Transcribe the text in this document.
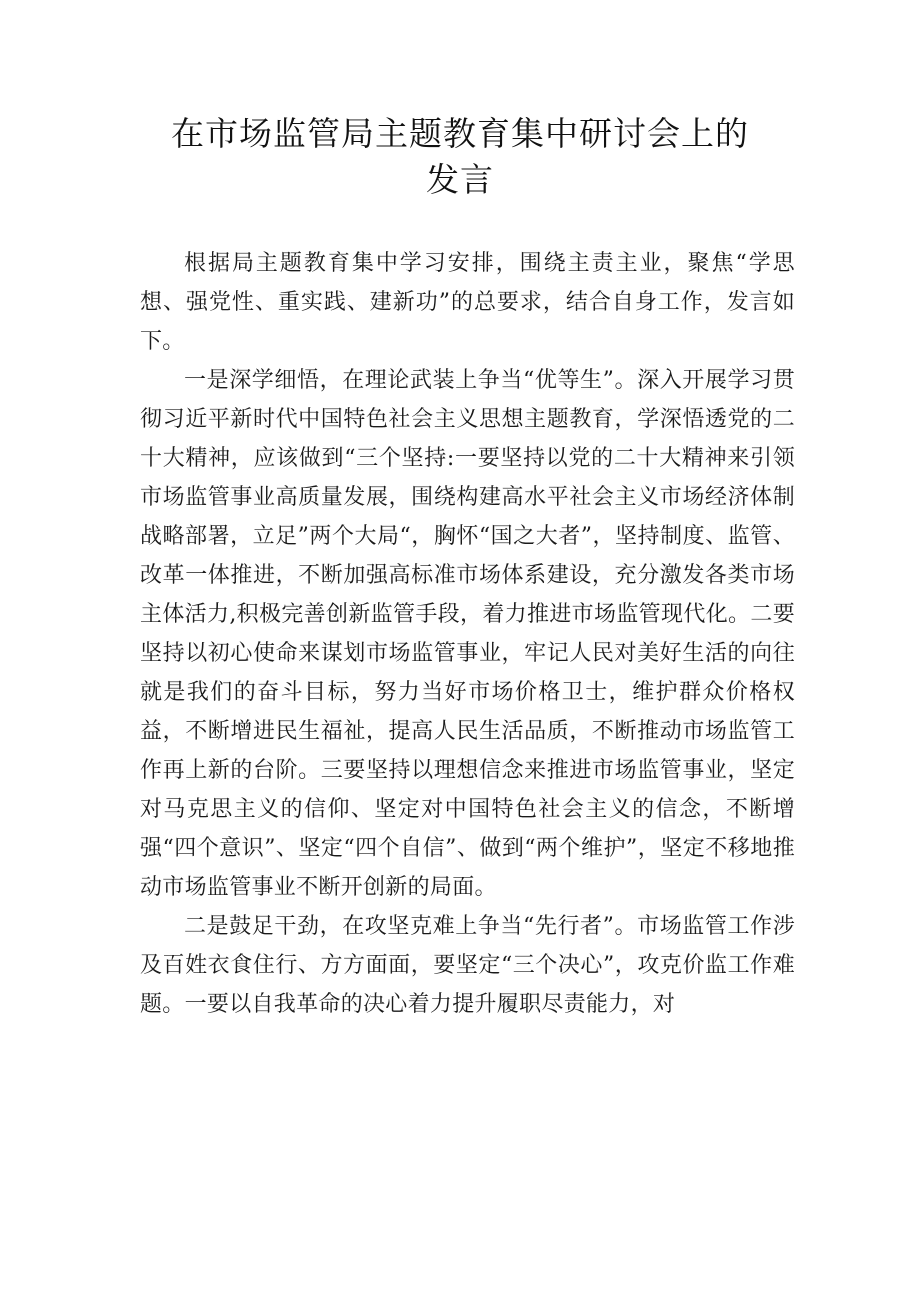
在市场监管局主题教育集中研讨会上的
发言

根据局主题教育集中学习安排，围绕主责主业，聚焦“学思想、强党性、重实践、建新功”的总要求，结合自身工作，发言如下。

一是深学细悟，在理论武装上争当“优等生”。深入开展学习贯彻习近平新时代中国特色社会主义思想主题教育，学深悟透党的二十大精神，应该做到“三个坚持:一要坚持以党的二十大精神来引领市场监管事业高质量发展，围绕构建高水平社会主义市场经济体制战略部署，立足”两个大局“，胸怀“国之大者”，坚持制度、监管、改革一体推进，不断加强高标准市场体系建设，充分激发各类市场主体活力,积极完善创新监管手段，着力推进市场监管现代化。二要坚持以初心使命来谋划市场监管事业，牢记人民对美好生活的向往就是我们的奋斗目标，努力当好市场价格卫士，维护群众价格权益，不断增进民生福祉，提高人民生活品质，不断推动市场监管工作再上新的台阶。三要坚持以理想信念来推进市场监管事业，坚定对马克思主义的信仰、坚定对中国特色社会主义的信念，不断增强“四个意识”、坚定“四个自信”、做到“两个维护”，坚定不移地推动市场监管事业不断开创新的局面。

二是鼓足干劲，在攻坚克难上争当“先行者”。市场监管工作涉及百姓衣食住行、方方面面，要坚定“三个决心”，攻克价监工作难题。一要以自我革命的决心着力提升履职尽责能力，对
